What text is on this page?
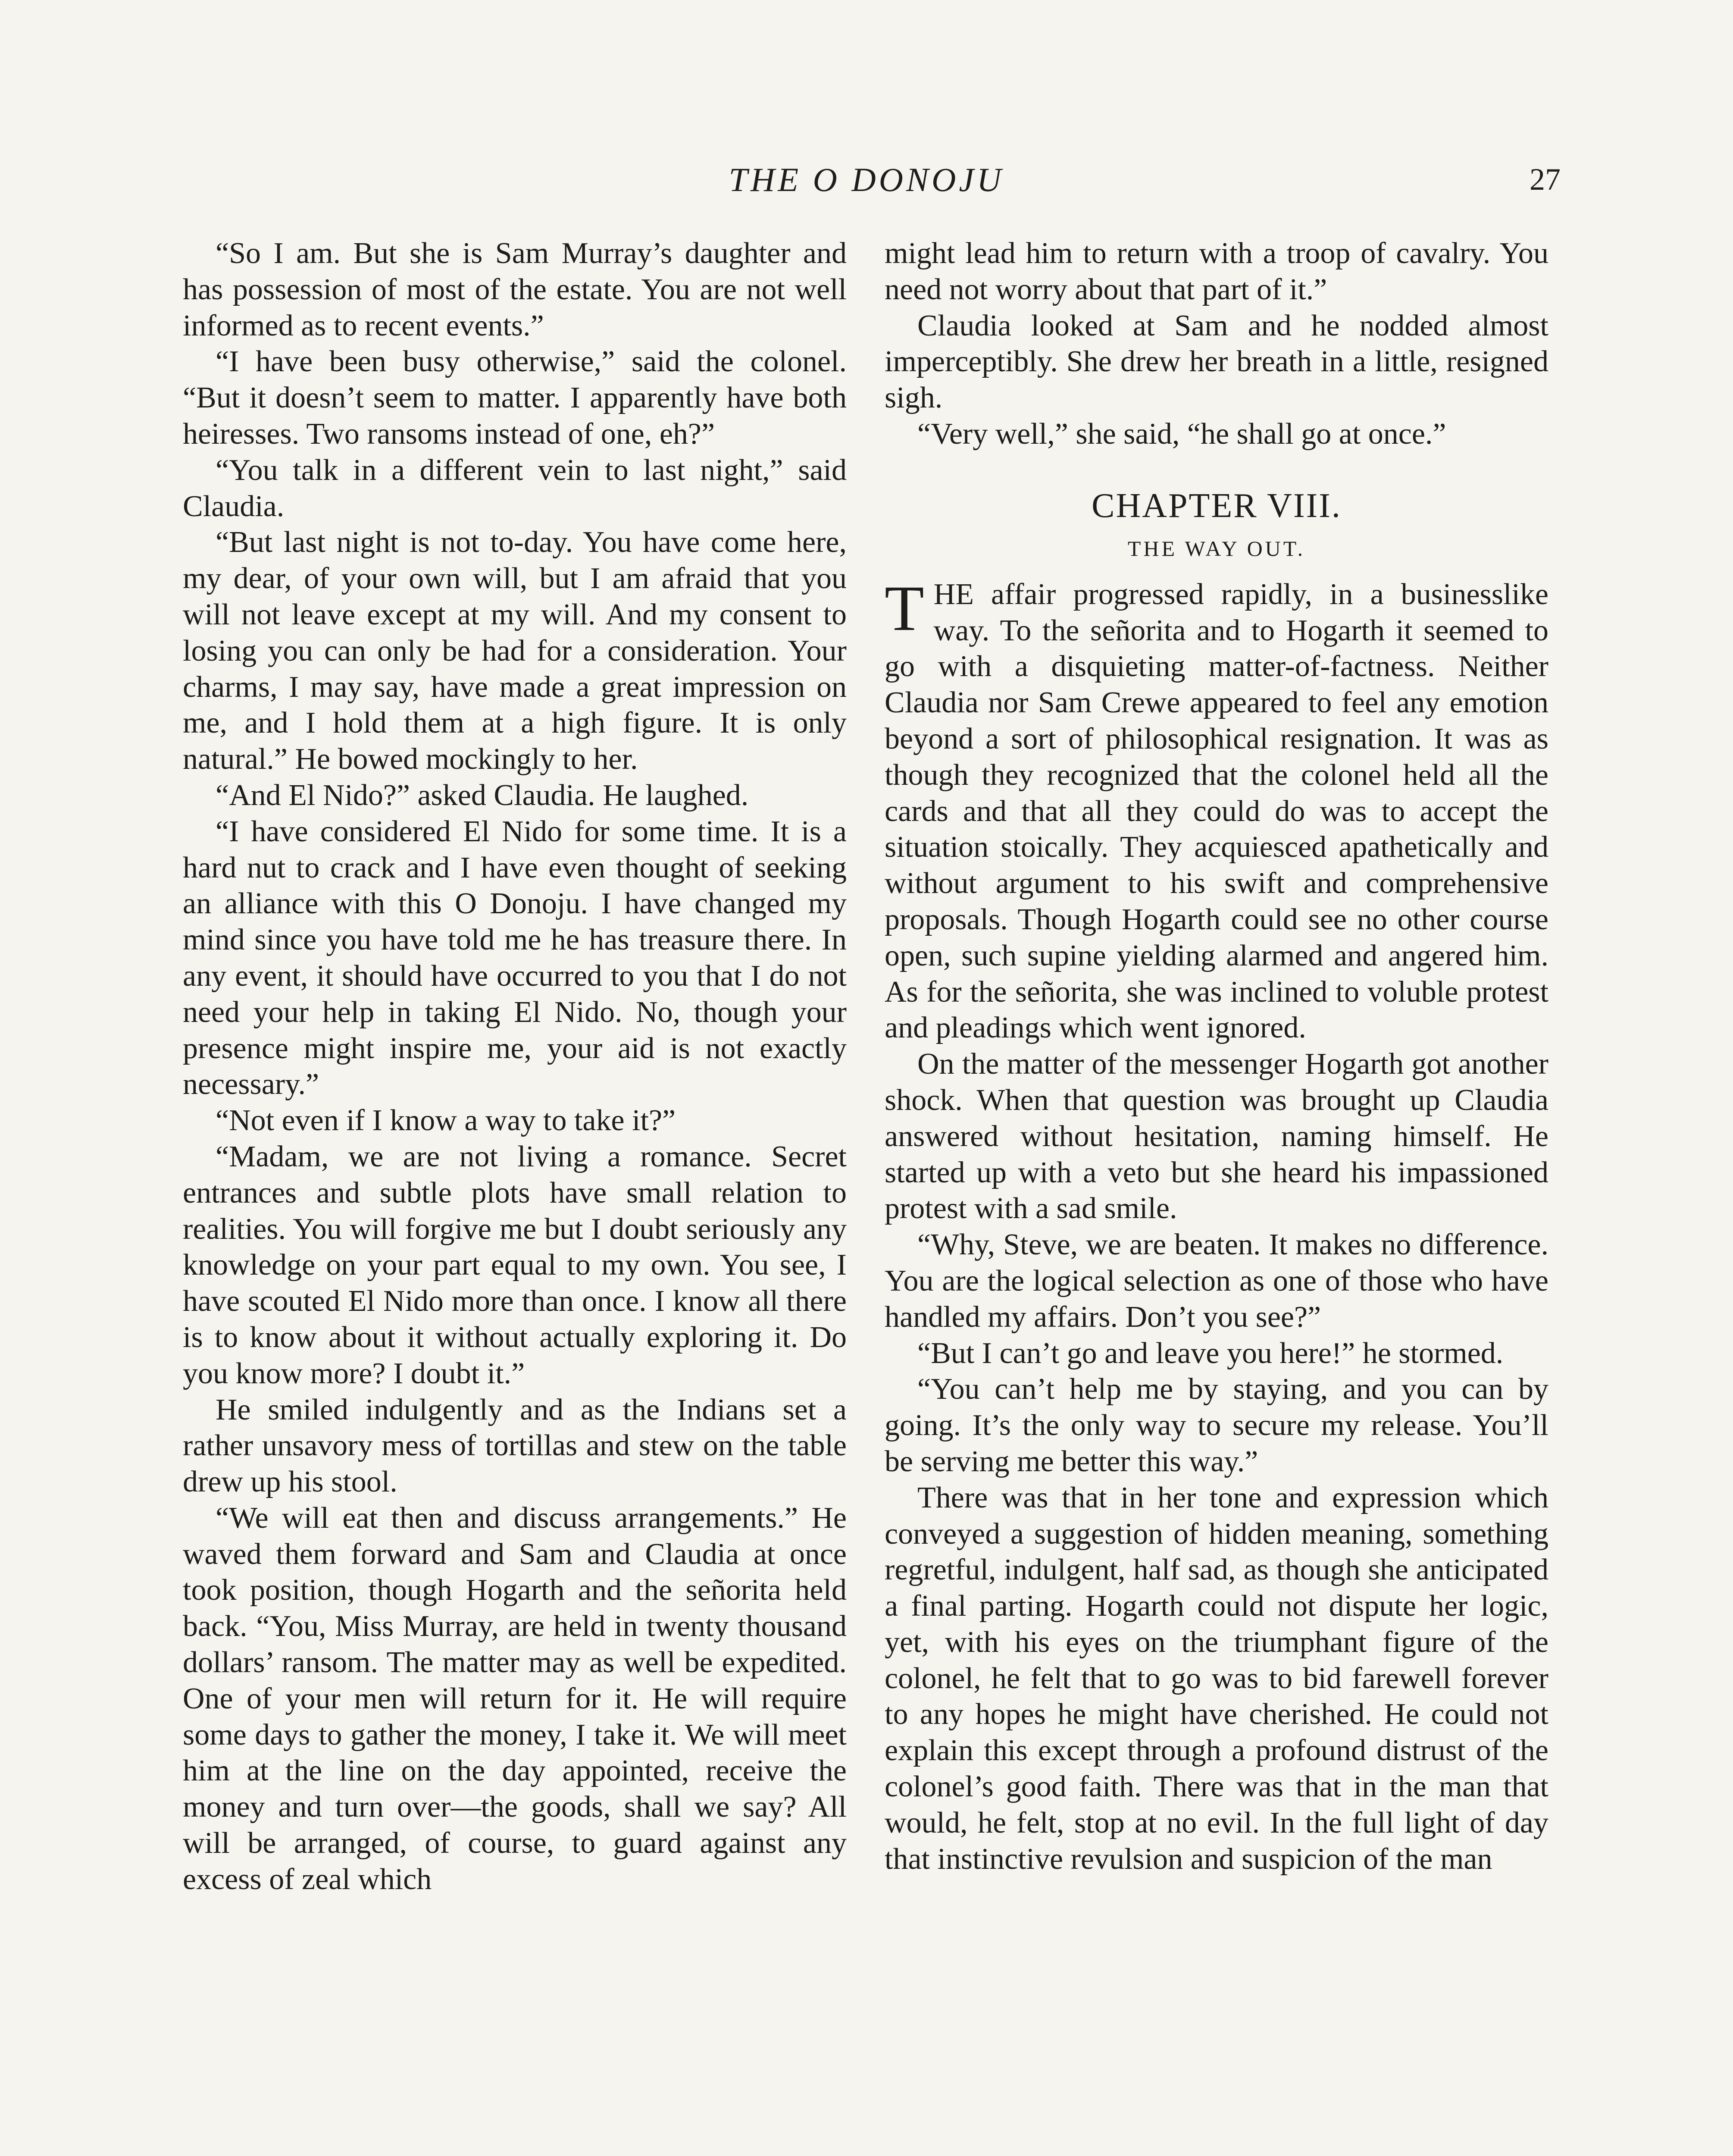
THE O DONOJU	27

“So I am. But she is Sam Murray’s daughter and has possession of most of the estate. You are not well informed as to recent events.”

“I have been busy otherwise,” said the colonel. “But it doesn’t seem to matter. I apparently have both heiresses. Two ransoms instead of one, eh?”

“You talk in a different vein to last night,” said Claudia.

“But last night is not to-day. You have come here, my dear, of your own will, but I am afraid that you will not leave except at my will. And my consent to losing you can only be had for a consideration. Your charms, I may say, have made a great impression on me, and I hold them at a high figure. It is only natural.” He bowed mockingly to her.

“And El Nido?” asked Claudia. He laughed.

“I have considered El Nido for some time. It is a hard nut to crack and I have even thought of seeking an alliance with this O Donoju. I have changed my mind since you have told me he has treasure there. In any event, it should have occurred to you that I do not need your help in taking El Nido. No, though your presence might inspire me, your aid is not exactly necessary.”

“Not even if I know a way to take it?”

“Madam, we are not living a romance. Secret entrances and subtle plots have small relation to realities. You will forgive me but I doubt seriously any knowledge on your part equal to my own. You see, I have scouted El Nido more than once. I know all there is to know about it without actually exploring it. Do you know more? I doubt it.”

He smiled indulgently and as the Indians set a rather unsavory mess of tortillas and stew on the table drew up his stool.

“We will eat then and discuss arrangements.” He waved them forward and Sam and Claudia at once took position, though Hogarth and the señorita held back. “You, Miss Murray, are held in twenty thousand dollars’ ransom. The matter may as well be expedited. One of your men will return for it. He will require some days to gather the money, I take it. We will meet him at the line on the day appointed, receive the money and turn over—the goods, shall we say? All will be arranged, of course, to guard against any excess of zeal which

might lead him to return with a troop of cavalry. You need not worry about that part of it.”

Claudia looked at Sam and he nodded almost imperceptibly. She drew her breath in a little, resigned sigh.

“Very well,” she said, “he shall go at once.”

CHAPTER VIII.
THE WAY OUT.

THE affair progressed rapidly, in a businesslike way. To the señorita and to Hogarth it seemed to go with a disquieting matter-of-factness. Neither Claudia nor Sam Crewe appeared to feel any emotion beyond a sort of philosophical resignation. It was as though they recognized that the colonel held all the cards and that all they could do was to accept the situation stoically. They acquiesced apathetically and without argument to his swift and comprehensive proposals. Though Hogarth could see no other course open, such supine yielding alarmed and angered him. As for the señorita, she was inclined to voluble protest and pleadings which went ignored.

On the matter of the messenger Hogarth got another shock. When that question was brought up Claudia answered without hesitation, naming himself. He started up with a veto but she heard his impassioned protest with a sad smile.

“Why, Steve, we are beaten. It makes no difference. You are the logical selection as one of those who have handled my affairs. Don’t you see?”

“But I can’t go and leave you here!” he stormed.

“You can’t help me by staying, and you can by going. It’s the only way to secure my release. You’ll be serving me better this way.”

There was that in her tone and expression which conveyed a suggestion of hidden meaning, something regretful, indulgent, half sad, as though she anticipated a final parting. Hogarth could not dispute her logic, yet, with his eyes on the triumphant figure of the colonel, he felt that to go was to bid farewell forever to any hopes he might have cherished. He could not explain this except through a profound distrust of the colonel’s good faith. There was that in the man that would, he felt, stop at no evil. In the full light of day that instinctive revulsion and suspicion of the man
